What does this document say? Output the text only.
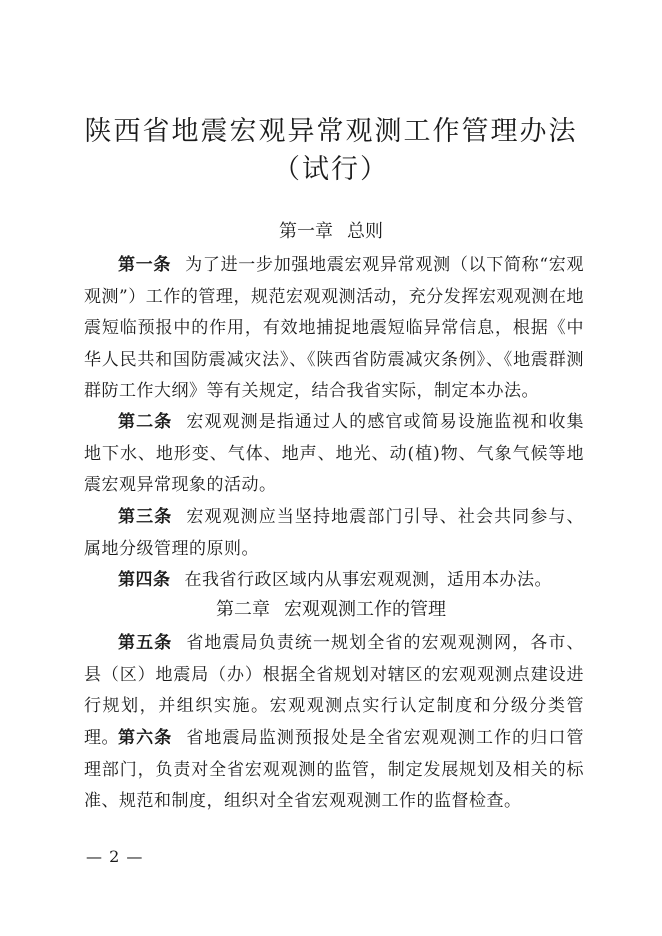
陕西省地震宏观异常观测工作管理办法
（试行）
第一章 总则
第一条 为了进一步加强地震宏观异常观测（以下简称“宏观观测”）工作的管理，规范宏观观测活动，充分发挥宏观观测在地震短临预报中的作用，有效地捕捉地震短临异常信息，根据《中华人民共和国防震减灾法》、《陕西省防震减灾条例》、《地震群测群防工作大纲》等有关规定，结合我省实际，制定本办法。
第二条 宏观观测是指通过人的感官或简易设施监视和收集地下水、地形变、气体、地声、地光、动(植)物、气象气候等地震宏观异常现象的活动。
第三条 宏观观测应当坚持地震部门引导、社会共同参与、属地分级管理的原则。
第四条 在我省行政区域内从事宏观观测，适用本办法。
第二章 宏观观测工作的管理
第五条 省地震局负责统一规划全省的宏观观测网，各市、县（区）地震局（办）根据全省规划对辖区的宏观观测点建设进行规划，并组织实施。宏观观测点实行认定制度和分级分类管理。 第六条 省地震局监测预报处是全省宏观观测工作的归口管理部门，负责对全省宏观观测的监管，制定发展规划及相关的标准、规范和制度，组织对全省宏观观测工作的监督检查。
— 2 —
